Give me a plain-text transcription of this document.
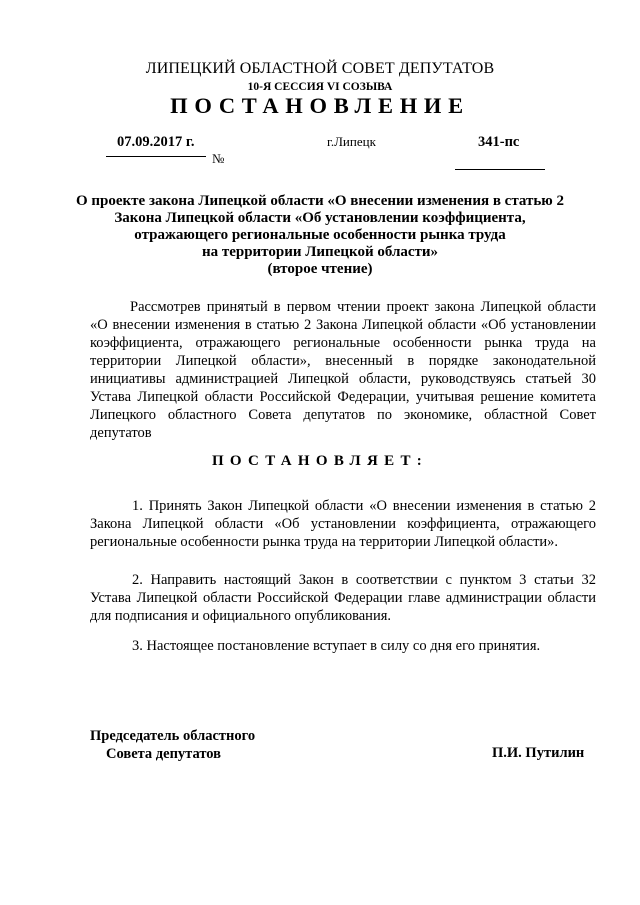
ЛИПЕЦКИЙ ОБЛАСТНОЙ СОВЕТ ДЕПУТАТОВ
10-Я СЕССИЯ VI СОЗЫВА
ПОСТАНОВЛЕНИЕ
07.09.2017 г.
№
г.Липецк	341-пс
О проекте закона Липецкой области «О внесении изменения в статью 2
Закона Липецкой области «Об установлении коэффициента,
отражающего региональные особенности рынка труда
на территории Липецкой области»
(второе чтение)
Рассмотрев принятый в первом чтении проект закона Липецкой области «О внесении изменения в статью 2 Закона Липецкой области «Об установлении коэффициента, отражающего региональные особенности рынка труда на территории Липецкой области», внесенный в порядке законодательной инициативы администрацией Липецкой области, руководствуясь статьей 30 Устава Липецкой области Российской Федерации, учитывая решение комитета Липецкого областного Совета депутатов по экономике, областной Совет депутатов
ПОСТАНОВЛЯЕТ:
1. Принять Закон Липецкой области «О внесении изменения в статью 2 Закона Липецкой области «Об установлении коэффициента, отражающего региональные особенности рынка труда на территории Липецкой области».
2. Направить настоящий Закон в соответствии с пунктом 3 статьи 32 Устава Липецкой области Российской Федерации главе администрации области для подписания и официального опубликования.
3. Настоящее постановление вступает в силу со дня его принятия.
Председатель областного
Совета депутатов	П.И. Путилин
